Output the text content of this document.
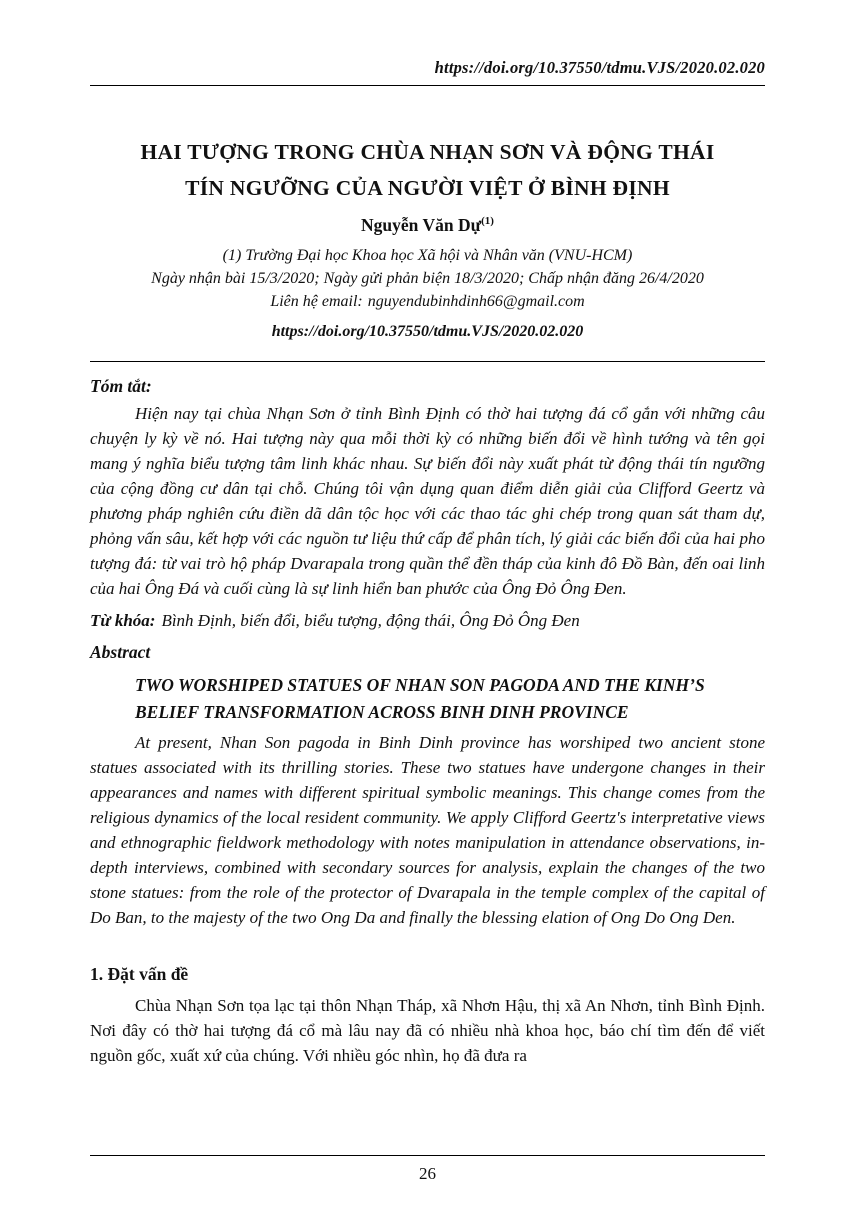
https://doi.org/10.37550/tdmu.VJS/2020.02.020
HAI TƯỢNG TRONG CHÙA NHẠN SƠN VÀ ĐỘNG THÁI
TÍN NGƯỠNG CỦA NGƯỜI VIỆT Ở BÌNH ĐỊNH
Nguyễn Văn Dự$^{(1)}$
(1) Trường Đại học Khoa học Xã hội và Nhân văn (VNU-HCM)
Ngày nhận bài 15/3/2020; Ngày gửi phản biện 18/3/2020; Chấp nhận đăng 26/4/2020
Liên hệ email: nguyendubinhdinh66@gmail.com
https://doi.org/10.37550/tdmu.VJS/2020.02.020
Tóm tắt:

Hiện nay tại chùa Nhạn Sơn ở tỉnh Bình Định có thờ hai tượng đá cổ gắn với những câu chuyện ly kỳ về nó. Hai tượng này qua mỗi thời kỳ có những biến đổi về hình tướng và tên gọi mang ý nghĩa biểu tượng tâm linh khác nhau. Sự biến đổi này xuất phát từ động thái tín ngưỡng của cộng đồng cư dân tại chỗ. Chúng tôi vận dụng quan điểm diễn giải của Clifford Geertz và phương pháp nghiên cứu điền dã dân tộc học với các thao tác ghi chép trong quan sát tham dự, phỏng vấn sâu, kết hợp với các nguồn tư liệu thứ cấp để phân tích, lý giải các biến đổi của hai pho tượng đá: từ vai trò hộ pháp Dvarapala trong quần thể đền tháp của kinh đô Đồ Bàn, đến oai linh của hai Ông Đá và cuối cùng là sự linh hiển ban phước của Ông Đỏ Ông Đen.

Từ khóa: Bình Định, biến đổi, biểu tượng, động thái, Ông Đỏ Ông Đen
Abstract
TWO WORSHIPED STATUES OF NHAN SON PAGODA AND THE KINH’S
BELIEF TRANSFORMATION ACROSS BINH DINH PROVINCE

At present, Nhan Son pagoda in Binh Dinh province has worshiped two ancient stone statues associated with its thrilling stories. These two statues have undergone changes in their appearances and names with different spiritual symbolic meanings. This change comes from the religious dynamics of the local resident community. We apply Clifford Geertz's interpretative views and ethnographic fieldwork methodology with notes manipulation in attendance observations, in-depth interviews, combined with secondary sources for analysis, explain the changes of the two stone statues: from the role of the protector of Dvarapala in the temple complex of the capital of Do Ban, to the majesty of the two Ong Da and finally the blessing elation of Ong Do Ong Den.

1. Đặt vấn đề

Chùa Nhạn Sơn tọa lạc tại thôn Nhạn Tháp, xã Nhơn Hậu, thị xã An Nhơn, tỉnh Bình Định. Nơi đây có thờ hai tượng đá cổ mà lâu nay đã có nhiều nhà khoa học, báo chí tìm đến để viết nguồn gốc, xuất xứ của chúng. Với nhiều góc nhìn, họ đã đưa ra

26
